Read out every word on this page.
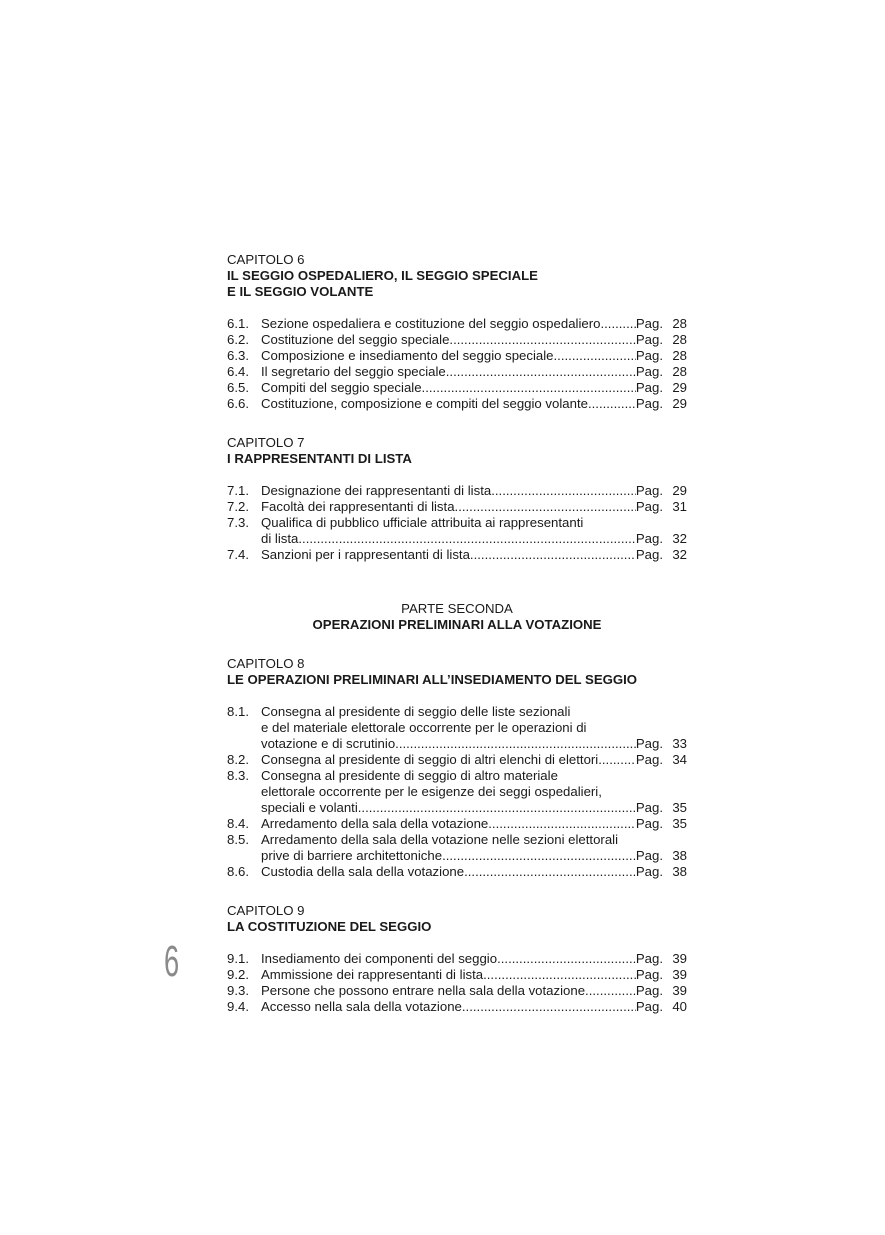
CAPITOLO 6
IL SEGGIO OSPEDALIERO, IL SEGGIO SPECIALE
E IL SEGGIO VOLANTE
6.1. Sezione ospedaliera e costituzione del seggio ospedaliero .....	Pag. 28
6.2. Costituzione del seggio speciale .....	Pag. 28
6.3. Composizione e insediamento del seggio speciale .....	Pag. 28
6.4. Il segretario del seggio speciale .....	Pag. 28
6.5. Compiti del seggio speciale .....	Pag. 29
6.6. Costituzione, composizione e compiti del seggio volante .....	Pag. 29
CAPITOLO 7
I RAPPRESENTANTI DI LISTA
7.1. Designazione dei rappresentanti di lista .....	Pag. 29
7.2. Facoltà dei rappresentanti di lista .....	Pag. 31
7.3. Qualifica di pubblico ufficiale attribuita ai rappresentanti
di lista .....	Pag. 32
7.4. Sanzioni per i rappresentanti di lista .....	Pag. 32
PARTE SECONDA
OPERAZIONI PRELIMINARI ALLA VOTAZIONE
CAPITOLO 8
LE OPERAZIONI PRELIMINARI ALL’INSEDIAMENTO DEL SEGGIO
8.1. Consegna al presidente di seggio delle liste sezionali
e del materiale elettorale occorrente per le operazioni di
votazione e di scrutinio .....	Pag. 33
8.2. Consegna al presidente di seggio di altri elenchi di elettori .....	Pag. 34
8.3. Consegna al presidente di seggio di altro materiale
elettorale occorrente per le esigenze dei seggi ospedalieri,
speciali e volanti .....	Pag. 35
8.4. Arredamento della sala della votazione .....	Pag. 35
8.5. Arredamento della sala della votazione nelle sezioni elettorali
prive di barriere architettoniche .....	Pag. 38
8.6. Custodia della sala della votazione .....	Pag. 38
CAPITOLO 9
LA COSTITUZIONE DEL SEGGIO
9.1. Insediamento dei componenti del seggio .....	Pag. 39
9.2. Ammissione dei rappresentanti di lista .....	Pag. 39
9.3. Persone che possono entrare nella sala della votazione .....	Pag. 39
9.4. Accesso nella sala della votazione .....	Pag. 40
6
